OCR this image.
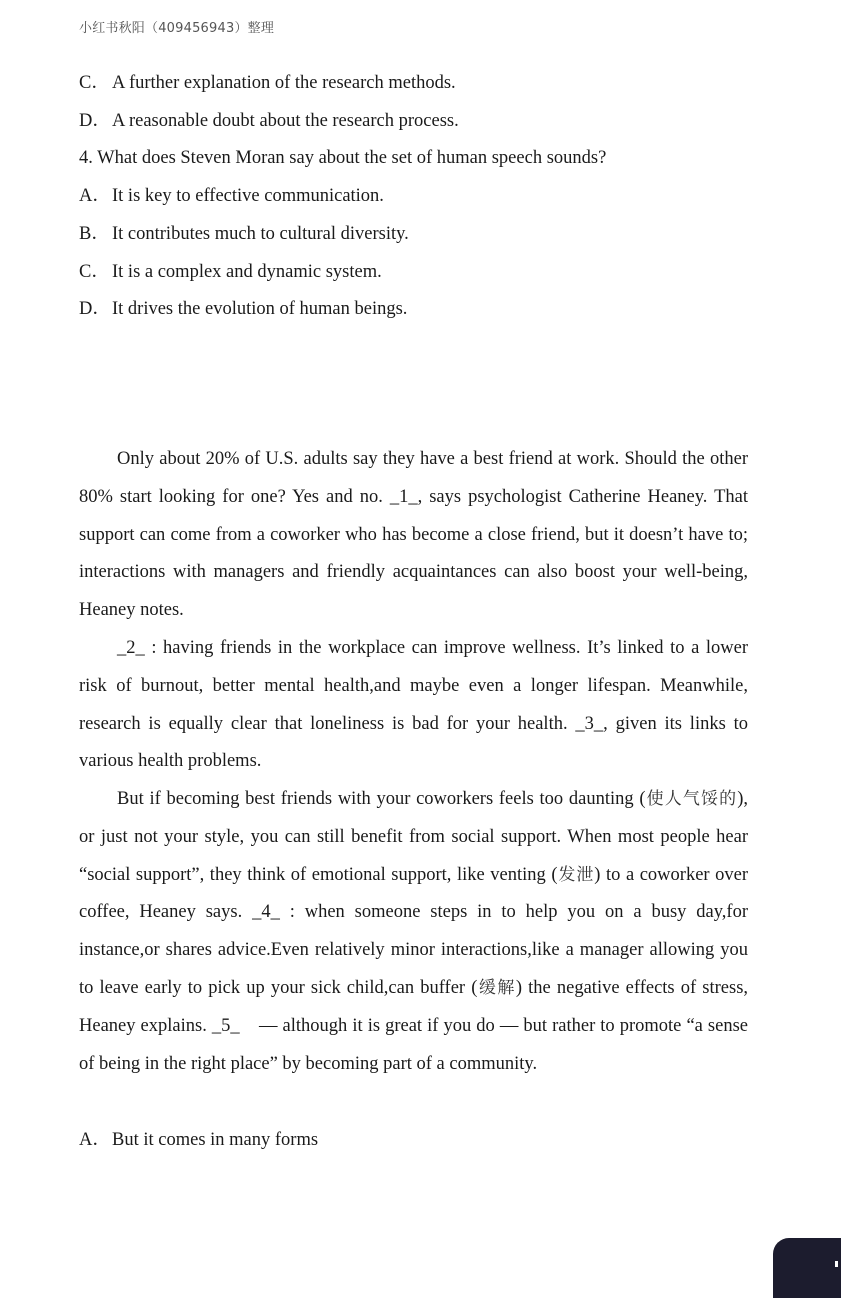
小红书秋阳（409456943）整理
C． A further explanation of the research methods.
D．A reasonable doubt about the research process.
4. What does Steven Moran say about the set of human speech sounds?
A．It is key to effective communication.
B． It contributes much to cultural diversity.
C． It is a complex and dynamic system.
D．It drives the evolution of human beings.
Only about 20% of U.S. adults say they have a best friend at work. Should the other 80% start looking for one? Yes and no. _1_, says psychologist Catherine Heaney. That support can come from a coworker who has become a close friend, but it doesn’t have to; interactions with managers and friendly acquaintances can also boost your well-being, Heaney notes.
_2_ : having friends in the workplace can improve wellness. It’s linked to a lower risk of burnout, better mental health,and maybe even a longer lifespan. Meanwhile, research is equally clear that loneliness is bad for your health. _3_, given its links to various health problems.
But if becoming best friends with your coworkers feels too daunting (使人气馁的), or just not your style, you can still benefit from social support. When most people hear “social support”, they think of emotional support, like venting (发泄) to a coworker over coffee, Heaney says. _4_ : when someone steps in to help you on a busy day,for instance,or shares advice.Even relatively minor interactions,like a manager allowing you to leave early to pick up your sick child,can buffer (缓解) the negative effects of stress, Heaney explains. _5_　— although it is great if you do — but rather to promote “a sense of being in the right place” by becoming part of a community.
A．But it comes in many forms
